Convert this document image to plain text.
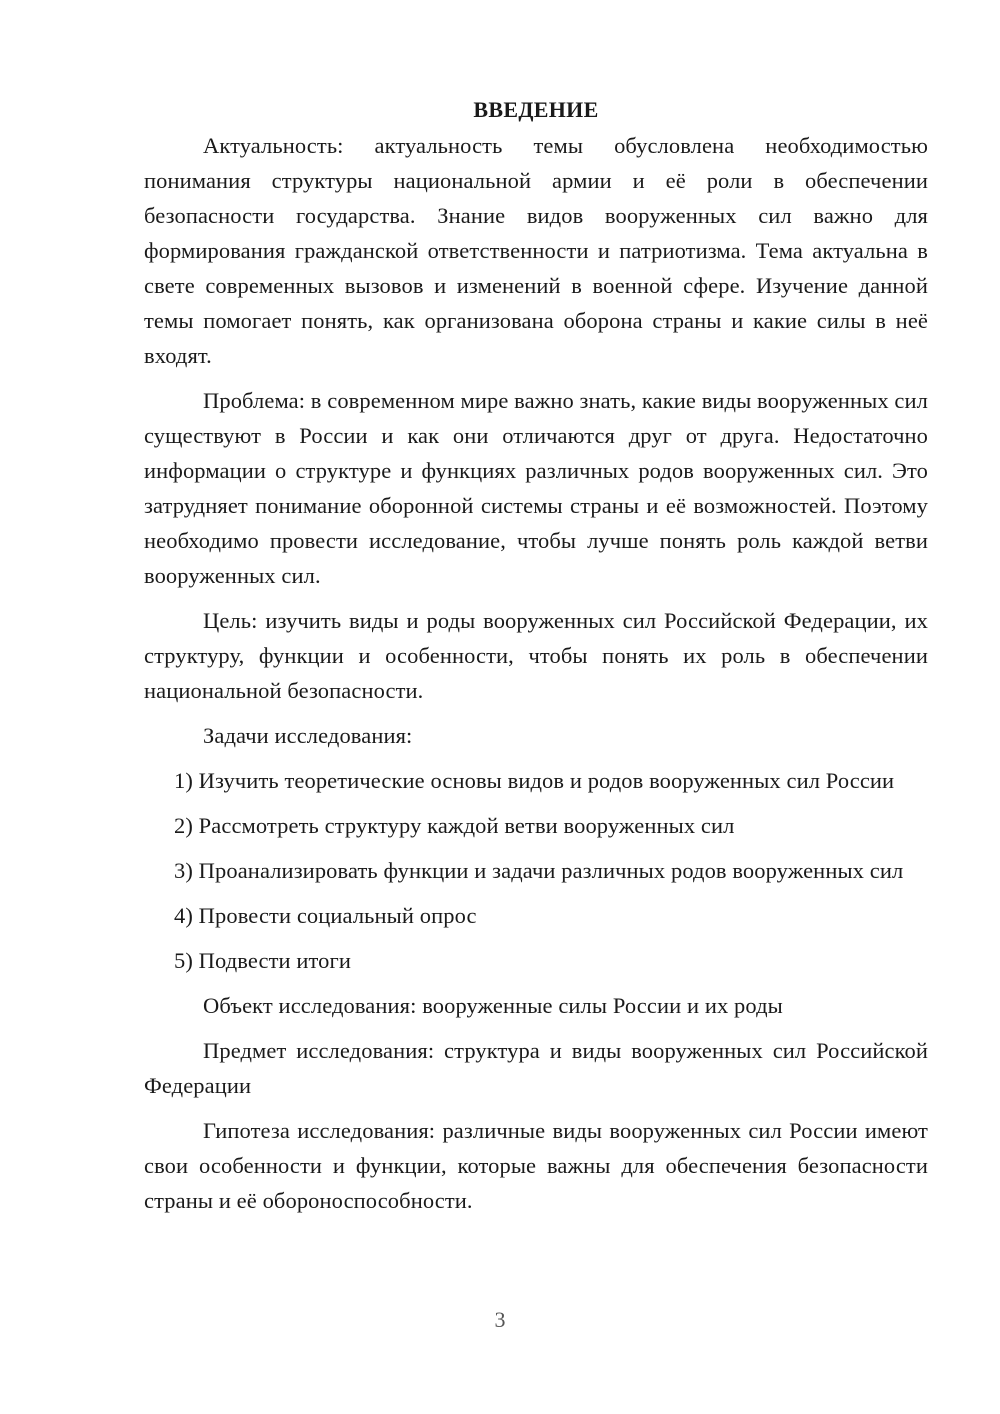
ВВЕДЕНИЕ

Актуальность: актуальность темы обусловлена необходимостью понимания структуры национальной армии и её роли в обеспечении безопасности государства. Знание видов вооруженных сил важно для формирования гражданской ответственности и патриотизма. Тема актуальна в свете современных вызовов и изменений в военной сфере. Изучение данной темы помогает понять, как организована оборона страны и какие силы в неё входят.

Проблема: в современном мире важно знать, какие виды вооруженных сил существуют в России и как они отличаются друг от друга. Недостаточно информации о структуре и функциях различных родов вооруженных сил. Это затрудняет понимание оборонной системы страны и её возможностей. Поэтому необходимо провести исследование, чтобы лучше понять роль каждой ветви вооруженных сил.

Цель: изучить виды и роды вооруженных сил Российской Федерации, их структуру, функции и особенности, чтобы понять их роль в обеспечении национальной безопасности.

Задачи исследования:

1) Изучить теоретические основы видов и родов вооруженных сил России

2) Рассмотреть структуру каждой ветви вооруженных сил

3) Проанализировать функции и задачи различных родов вооруженных сил

4) Провести социальный опрос

5) Подвести итоги

Объект исследования: вооруженные силы России и их роды

Предмет исследования: структура и виды вооруженных сил Российской Федерации

Гипотеза исследования: различные виды вооруженных сил России имеют свои особенности и функции, которые важны для обеспечения безопасности страны и её обороноспособности.

3
